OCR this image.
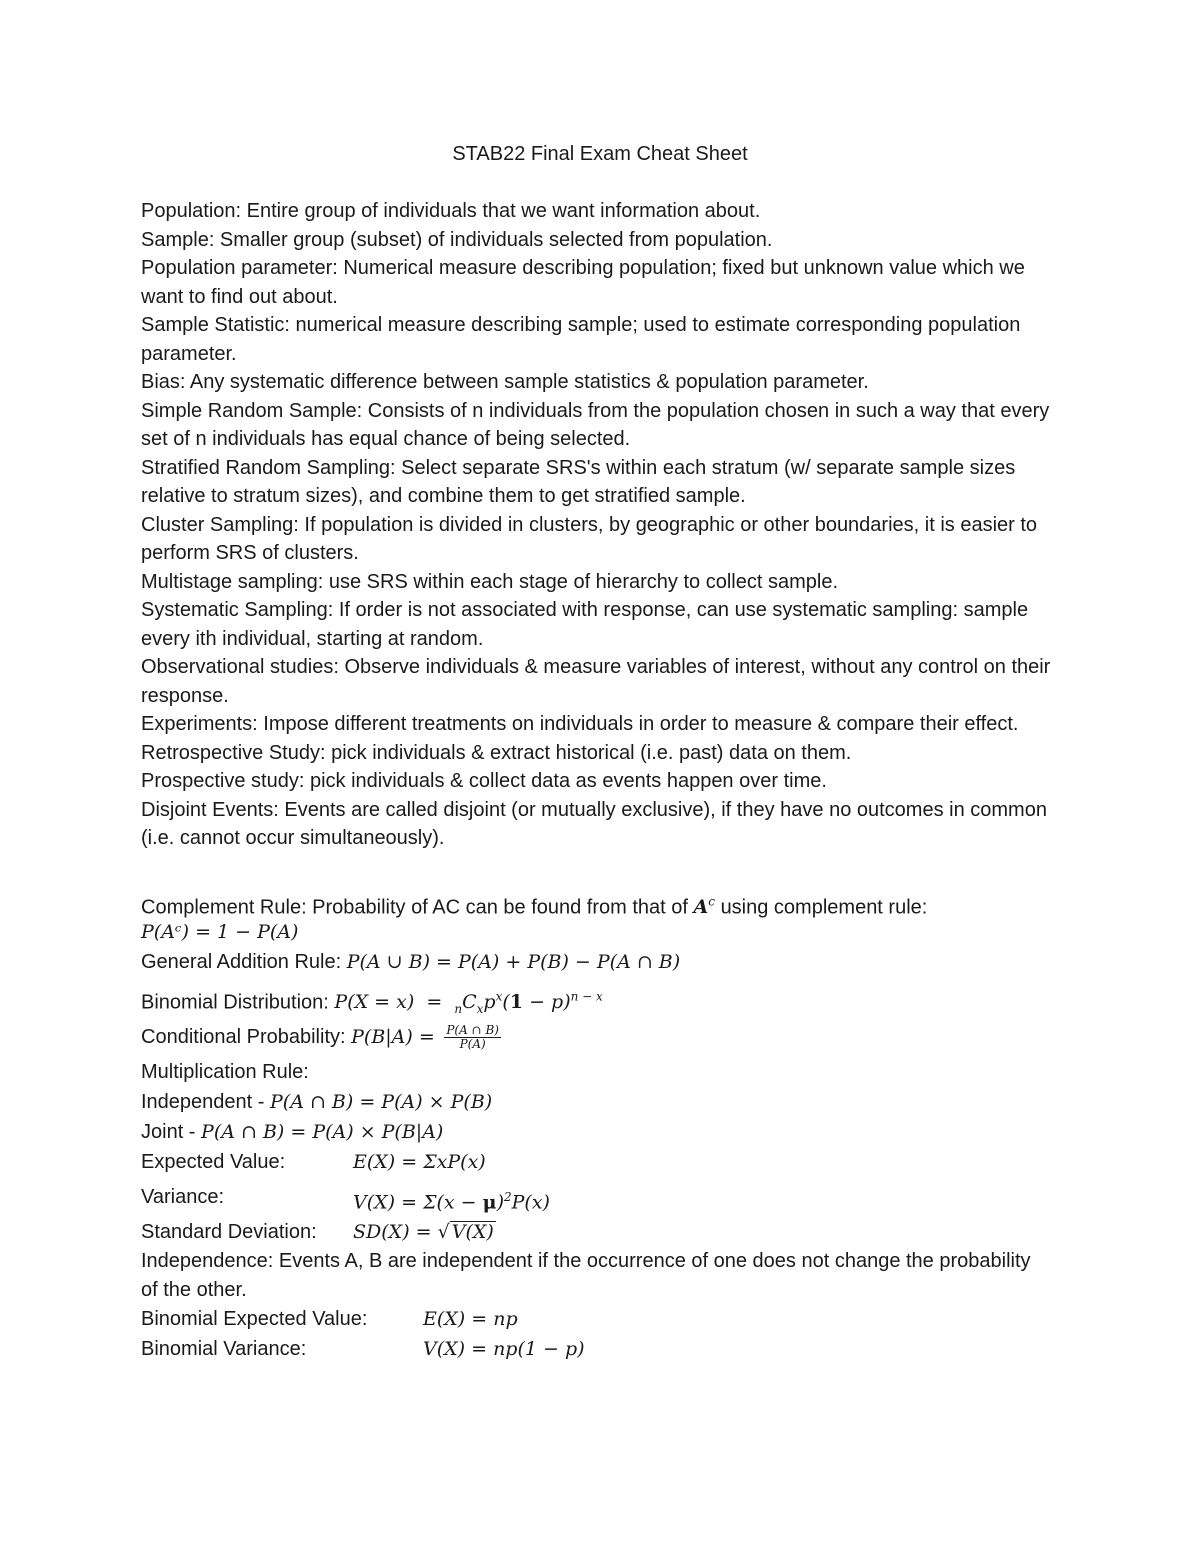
STAB22 Final Exam Cheat Sheet

Population: Entire group of individuals that we want information about.

Sample: Smaller group (subset) of individuals selected from population.

Population parameter: Numerical measure describing population; fixed but unknown value which we want to find out about.

Sample Statistic: numerical measure describing sample; used to estimate corresponding population parameter.

Bias: Any systematic difference between sample statistics & population parameter.

Simple Random Sample: Consists of n individuals from the population chosen in such a way that every set of n individuals has equal chance of being selected.

Stratified Random Sampling: Select separate SRS's within each stratum (w/ separate sample sizes relative to stratum sizes), and combine them to get stratified sample.

Cluster Sampling: If population is divided in clusters, by geographic or other boundaries, it is easier to perform SRS of clusters.

Multistage sampling: use SRS within each stage of hierarchy to collect sample.

Systematic Sampling: If order is not associated with response, can use systematic sampling: sample every ith individual, starting at random.

Observational studies: Observe individuals & measure variables of interest, without any control on their response.

Experiments: Impose different treatments on individuals in order to measure & compare their effect.

Retrospective Study: pick individuals & extract historical (i.e. past) data on them.

Prospective study: pick individuals & collect data as events happen over time.

Disjoint Events: Events are called disjoint (or mutually exclusive), if they have no outcomes in common (i.e. cannot occur simultaneously).

Complement Rule: Probability of AC can be found from that of $A^c$ using complement rule:
P(Aᶜ) = 1 − P(A)
General Addition Rule: P(A ∪ B) = P(A) + P(B) − P(A ∩ B)
Binomial Distribution: $P(X = x) = _nC_xp^x(1 - p)^{n - x}$
Conditional Probability: $P(B|A) = \frac{P(A \cap B)}{P(A)}$
Multiplication Rule:
Independent - P(A ∩ B) = P(A) × P(B)
Joint - P(A ∩ B) = P(A) × P(B|A)
Expected Value:	E(X) = ΣxP(x)
Variance:	$V(X) = \Sigma(x - \mu)^2P(x)$
Standard Deviation: SD(X) = √ V(X)
Independence: Events A, B are independent if the occurrence of one does not change the probability of the other.
Binomial Expected Value:	E(X) = np
Binomial Variance:	V(X) = np(1 − p)
